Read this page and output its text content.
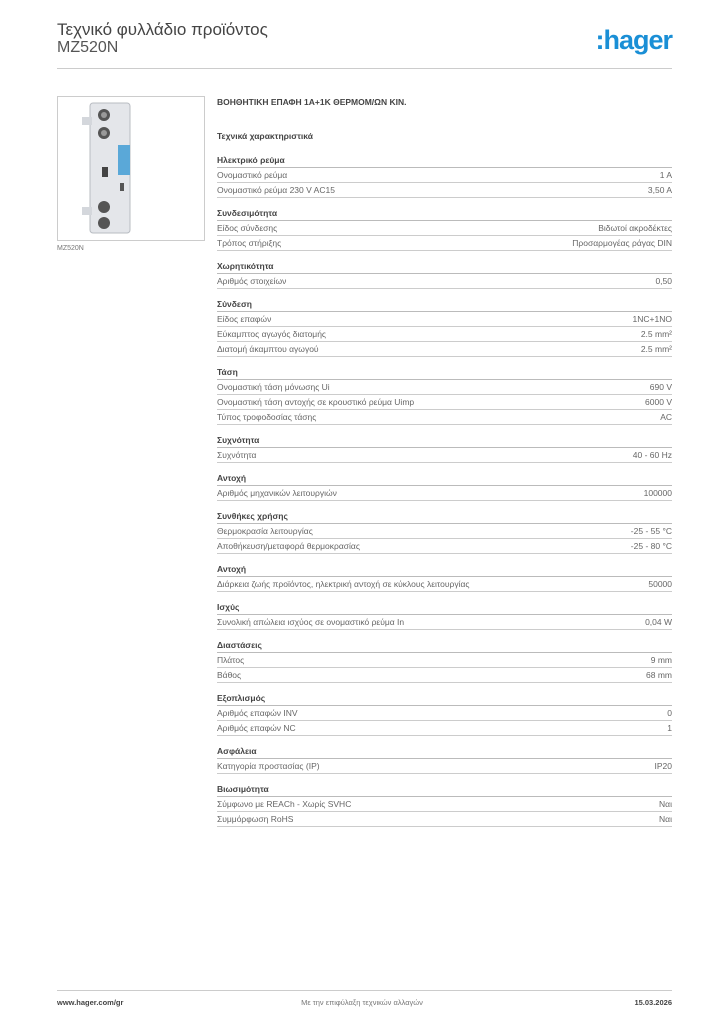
Τεχνικό φυλλάδιο προϊόντος
MZ520N	:hager
MZ520N
ΒΟΗΘΗΤΙΚΗ ΕΠΑΦΗ 1Α+1Κ ΘΕΡΜΟΜ/ΩΝ ΚΙΝ.
Τεχνικά χαρακτηριστικά
Ηλεκτρικό ρεύμα
Ονομαστικό ρεύμα	1 A
Ονομαστικό ρεύμα 230 V AC15	3,50 A
Συνδεσιμότητα
Είδος σύνδεσης	Βιδωτοί ακροδέκτες
Τρόπος στήριξης	Προσαρμογέας ράγας DIN
Χωρητικότητα
Αριθμός στοιχείων	0,50
Σύνδεση
Είδος επαφών	1NC+1NO
Εύκαμπτος αγωγός διατομής	2.5 mm²
Διατομή άκαμπτου αγωγού	2.5 mm²
Τάση
Ονομαστική τάση μόνωσης Ui	690 V
Ονομαστική τάση αντοχής σε κρουστικό ρεύμα Uimp	6000 V
Τύπος τροφοδοσίας τάσης	AC
Συχνότητα
Συχνότητα	40 - 60 Hz
Αντοχή
Αριθμός μηχανικών λειτουργιών	100000
Συνθήκες χρήσης
Θερμοκρασία λειτουργίας	-25 - 55 °C
Αποθήκευση/μεταφορά θερμοκρασίας	-25 - 80 °C
Αντοχή
Διάρκεια ζωής προϊόντος, ηλεκτρική αντοχή σε κύκλους λειτουργίας	50000
Ισχύς
Συνολική απώλεια ισχύος σε ονομαστικό ρεύμα In	0,04 W
Διαστάσεις
Πλάτος	9 mm
Βάθος	68 mm
Εξοπλισμός
Αριθμός επαφών INV	0
Αριθμός επαφών NC	1
Ασφάλεια
Κατηγορία προστασίας (IP)	IP20
Βιωσιμότητα
Σύμφωνο με REACh - Χωρίς SVHC	Ναι
Συμμόρφωση RoHS	Ναι
www.hager.com/gr	Με την επιφύλαξη τεχνικών αλλαγών	15.03.2026
